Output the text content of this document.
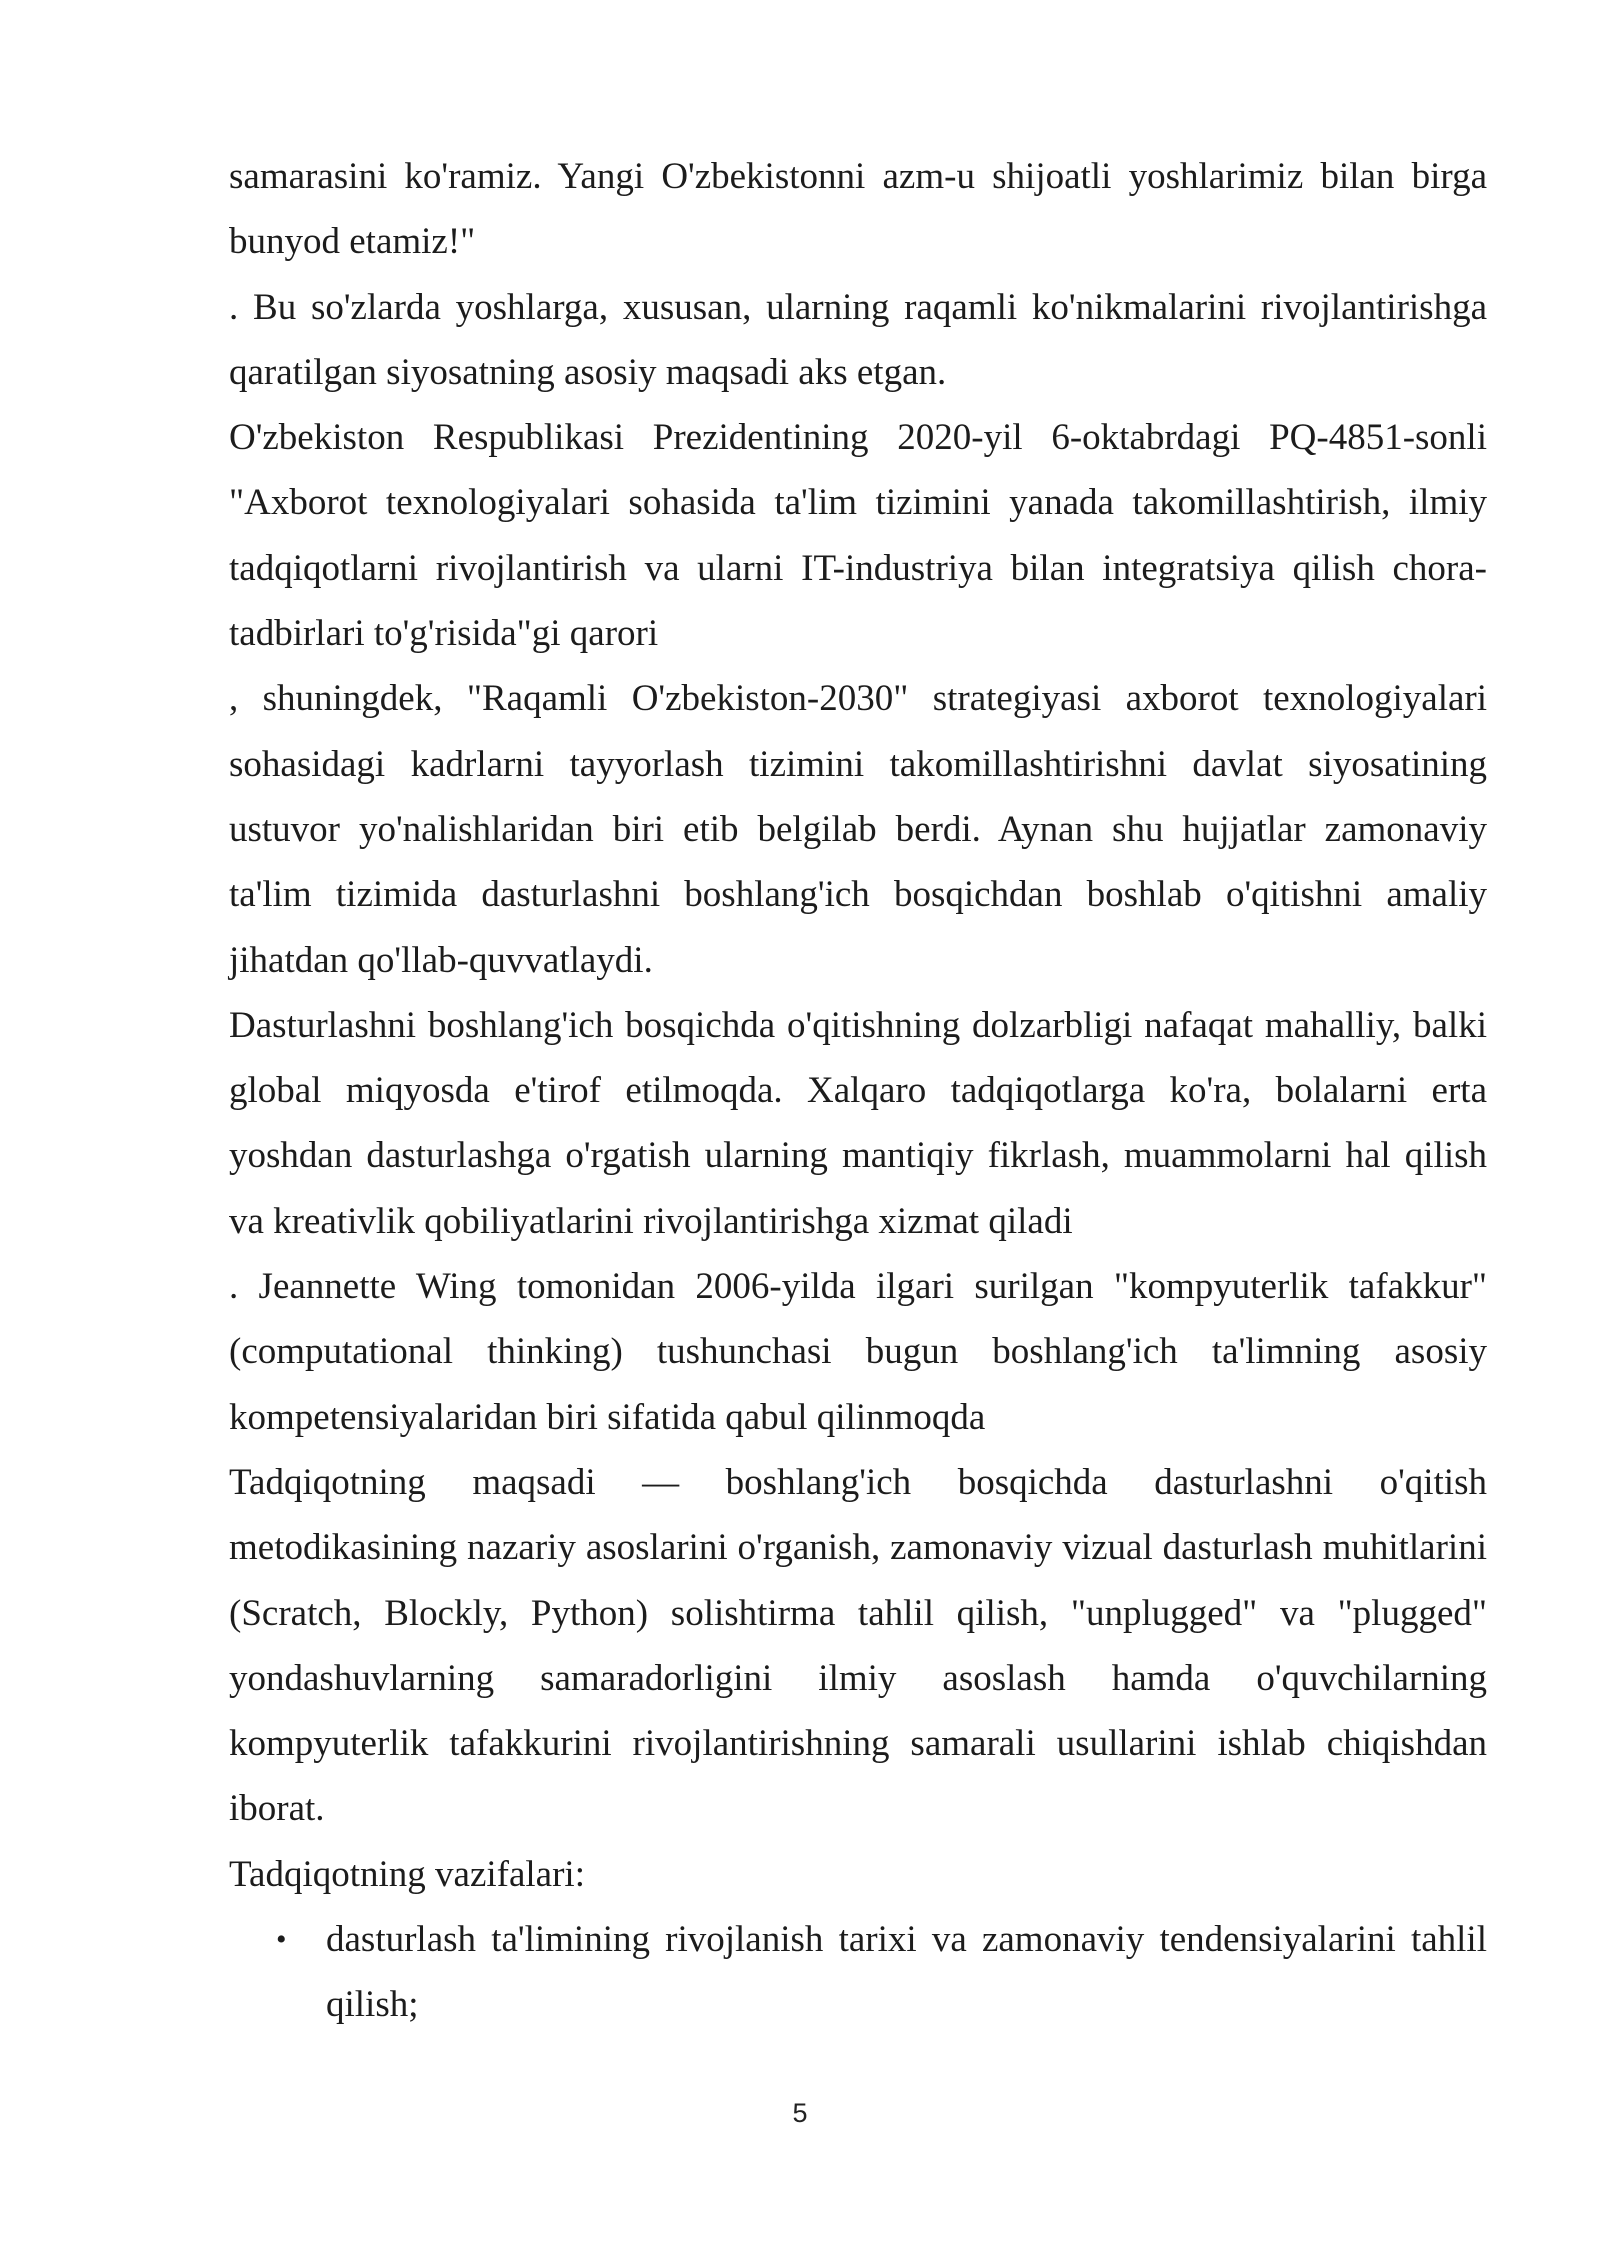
samarasini ko'ramiz. Yangi O'zbekistonni azm-u shijoatli yoshlarimiz bilan birga bunyod etamiz!"

. Bu so'zlarda yoshlarga, xususan, ularning raqamli ko'nikmalarini rivojlantirishga qaratilgan siyosatning asosiy maqsadi aks etgan.

O'zbekiston Respublikasi Prezidentining 2020-yil 6-oktabrdagi PQ-4851-sonli "Axborot texnologiyalari sohasida ta'lim tizimini yanada takomillashtirish, ilmiy tadqiqotlarni rivojlantirish va ularni IT-industriya bilan integratsiya qilish chora-tadbirlari to'g'risida"gi qarori

, shuningdek, "Raqamli O'zbekiston-2030" strategiyasi axborot texnologiyalari sohasidagi kadrlarni tayyorlash tizimini takomillashtirishni davlat siyosatining ustuvor yo'nalishlaridan biri etib belgilab berdi. Aynan shu hujjatlar zamonaviy ta'lim tizimida dasturlashni boshlang'ich bosqichdan boshlab o'qitishni amaliy jihatdan qo'llab-quvvatlaydi.

Dasturlashni boshlang'ich bosqichda o'qitishning dolzarbligi nafaqat mahalliy, balki global miqyosda e'tirof etilmoqda. Xalqaro tadqiqotlarga ko'ra, bolalarni erta yoshdan dasturlashga o'rgatish ularning mantiqiy fikrlash, muammolarni hal qilish va kreativlik qobiliyatlarini rivojlantirishga xizmat qiladi

. Jeannette Wing tomonidan 2006-yilda ilgari surilgan "kompyuterlik tafakkur" (computational thinking) tushunchasi bugun boshlang'ich ta'limning asosiy kompetensiyalaridan biri sifatida qabul qilinmoqda

Tadqiqotning maqsadi — boshlang'ich bosqichda dasturlashni o'qitish metodikasining nazariy asoslarini o'rganish, zamonaviy vizual dasturlash muhitlarini (Scratch, Blockly, Python) solishtirma tahlil qilish, "unplugged" va "plugged" yondashuvlarning samaradorligini ilmiy asoslash hamda o'quvchilarning kompyuterlik tafakkurini rivojlantirishning samarali usullarini ishlab chiqishdan iborat.

Tadqiqotning vazifalari:

• dasturlash ta'limining rivojlanish tarixi va zamonaviy tendensiyalarini tahlil qilish;
5
